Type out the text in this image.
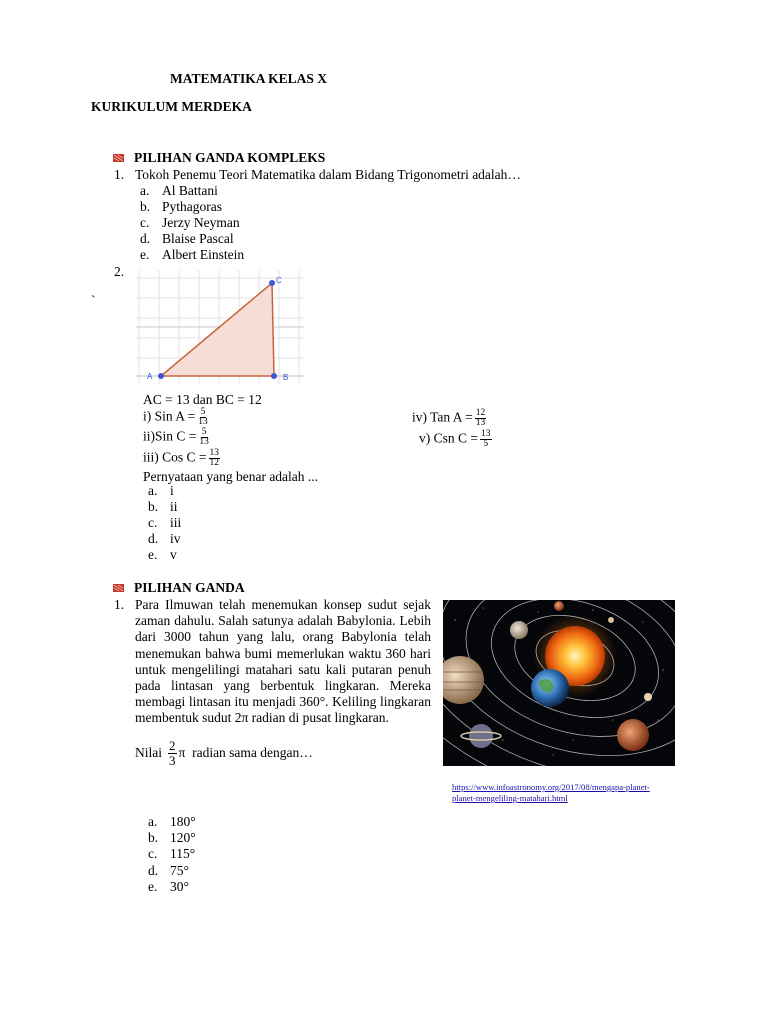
MATEMATIKA KELAS X
KURIKULUM MERDEKA
PILIHAN GANDA KOMPLEKS
1. Tokoh Penemu Teori Matematika dalam Bidang Trigonometri adalah…
a. Al Battani
b. Pythagoras
c. Jerzy Neyman
d. Blaise Pascal
e. Albert Einstein
2.
`
A	B
C
AC = 13 dan BC = 12
i) Sin $A = \frac{5}{13}$
ii)Sin $C = \frac{5}{13}$
iii) Cos $C = \frac{13}{12}$
iv) Tan $A = \frac{12}{13}$
v) Csn $C = \frac{13}{5}$
Pernyataan yang benar adalah ...
a. i
b. ii
c. iii
d. iv
e. v
PILIHAN GANDA
1. Para Ilmuwan telah menemukan konsep sudut sejak zaman dahulu. Salah satunya adalah Babylonia. Lebih dari 3000 tahun yang lalu, orang Babylonia telah menemukan bahwa bumi memerlukan waktu 360 hari untuk mengelilingi matahari satu kali putaran penuh pada lintasan yang berbentuk lingkaran. Mereka membagi lintasan itu menjadi 360°. Keliling lingkaran membentuk sudut 2π radian di pusat lingkaran.
Nilai $\frac{2}{3}$ π radian sama dengan…
https://www.infoastronomy.org/2017/08/mengapa-planet-planet-mengeliling-matahari.html
a. 180°
b. 120°
c. 115°
d. 75°
e. 30°
